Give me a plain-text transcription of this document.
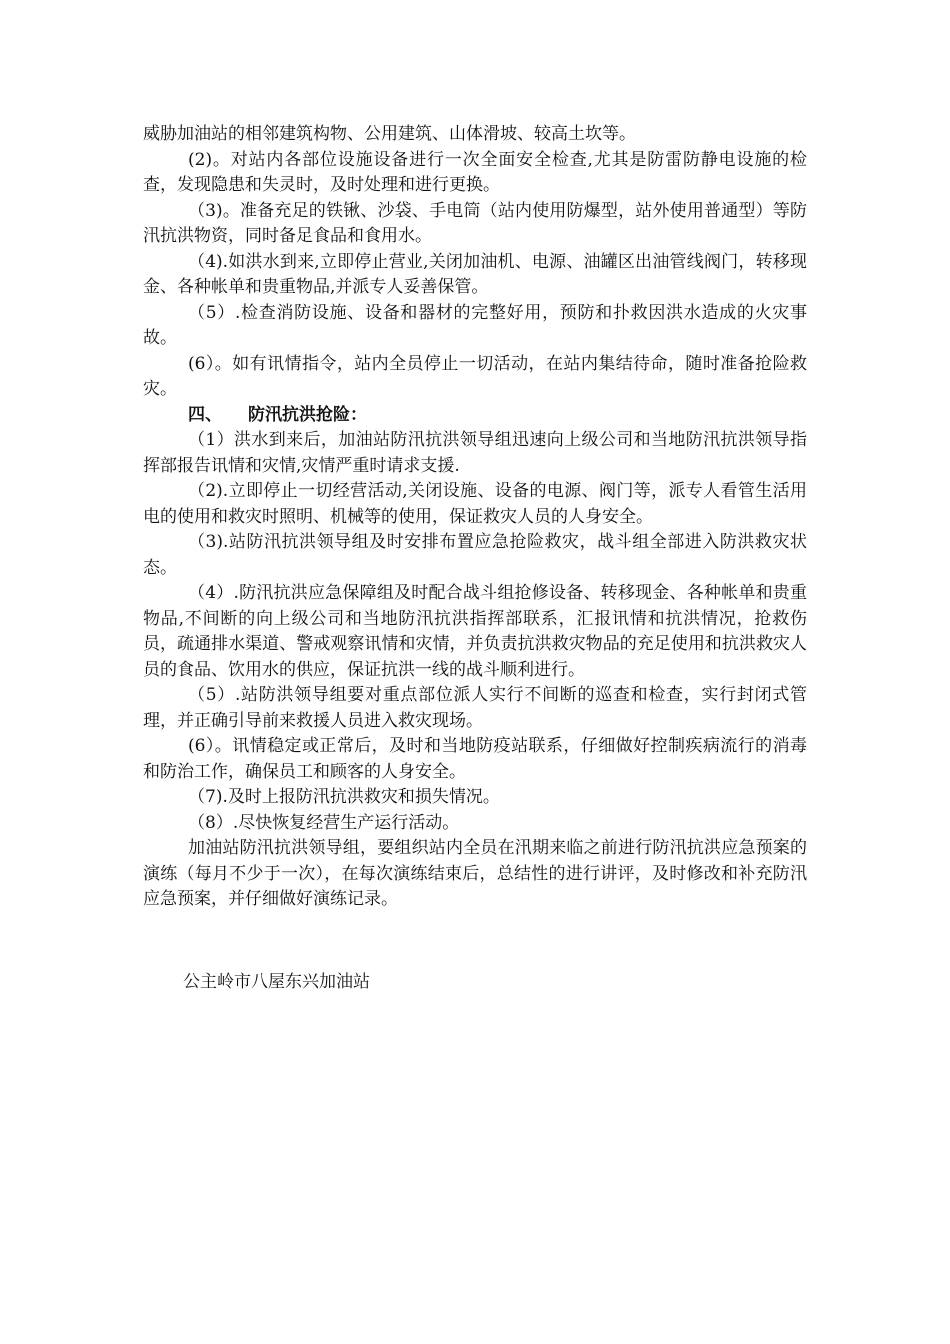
威胁加油站的相邻建筑构物、公用建筑、山体滑坡、较高土坎等。

(2)。对站内各部位设施设备进行一次全面安全检查,尤其是防雷防静电设施的检查，发现隐患和失灵时，及时处理和进行更换。

（3)。准备充足的铁锹、沙袋、手电筒（站内使用防爆型，站外使用普通型）等防汛抗洪物资，同时备足食品和食用水。

（4).如洪水到来,立即停止营业,关闭加油机、电源、油罐区出油管线阀门，转移现金、各种帐单和贵重物品,并派专人妥善保管。

（5）.检查消防设施、设备和器材的完整好用，预防和扑救因洪水造成的火灾事故。

(6）。如有讯情指令，站内全员停止一切活动，在站内集结待命，随时准备抢险救灾。

四、 防汛抗洪抢险：

（1）洪水到来后，加油站防汛抗洪领导组迅速向上级公司和当地防汛抗洪领导指挥部报告讯情和灾情,灾情严重时请求支援.

（2).立即停止一切经营活动,关闭设施、设备的电源、阀门等，派专人看管生活用电的使用和救灾时照明、机械等的使用，保证救灾人员的人身安全。

（3).站防汛抗洪领导组及时安排布置应急抢险救灾，战斗组全部进入防洪救灾状态。

（4）.防汛抗洪应急保障组及时配合战斗组抢修设备、转移现金、各种帐单和贵重物品,不间断的向上级公司和当地防汛抗洪指挥部联系，汇报讯情和抗洪情况，抢救伤员，疏通排水渠道、警戒观察讯情和灾情，并负责抗洪救灾物品的充足使用和抗洪救灾人员的食品、饮用水的供应，保证抗洪一线的战斗顺利进行。

（5）.站防洪领导组要对重点部位派人实行不间断的巡查和检查，实行封闭式管理，并正确引导前来救援人员进入救灾现场。

(6）。讯情稳定或正常后，及时和当地防疫站联系，仔细做好控制疾病流行的消毒和防治工作，确保员工和顾客的人身安全。

（7).及时上报防汛抗洪救灾和损失情况。

（8）.尽快恢复经营生产运行活动。

加油站防汛抗洪领导组，要组织站内全员在汛期来临之前进行防汛抗洪应急预案的演练（每月不少于一次），在每次演练结束后，总结性的进行讲评，及时修改和补充防汛应急预案，并仔细做好演练记录。

公主岭市八屋东兴加油站
